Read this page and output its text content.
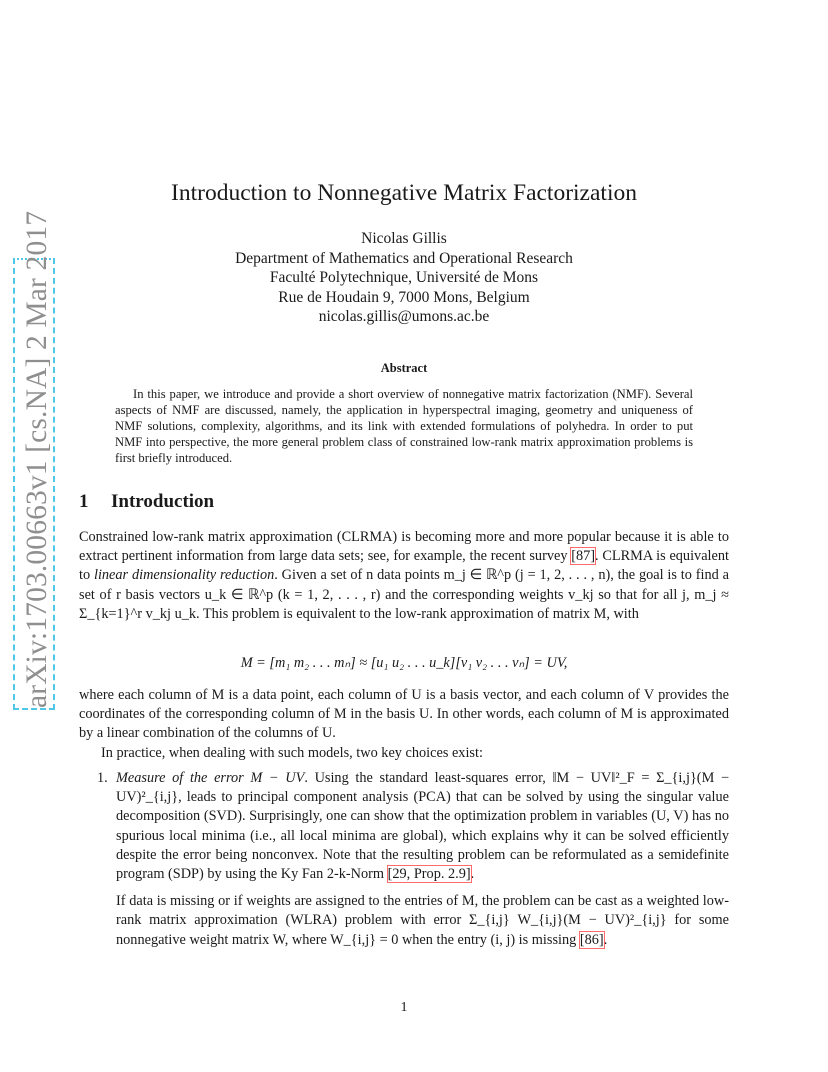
arXiv:1703.00663v1 [cs.NA] 2 Mar 2017
Introduction to Nonnegative Matrix Factorization
Nicolas Gillis
Department of Mathematics and Operational Research
Faculté Polytechnique, Université de Mons
Rue de Houdain 9, 7000 Mons, Belgium
nicolas.gillis@umons.ac.be
Abstract
In this paper, we introduce and provide a short overview of nonnegative matrix factorization (NMF). Several aspects of NMF are discussed, namely, the application in hyperspectral imaging, geometry and uniqueness of NMF solutions, complexity, algorithms, and its link with extended formulations of polyhedra. In order to put NMF into perspective, the more general problem class of constrained low-rank matrix approximation problems is first briefly introduced.
1 Introduction
Constrained low-rank matrix approximation (CLRMA) is becoming more and more popular because it is able to extract pertinent information from large data sets; see, for example, the recent survey [87]. CLRMA is equivalent to linear dimensionality reduction. Given a set of n data points m_j ∈ ℝ^p (j = 1, 2, . . . , n), the goal is to find a set of r basis vectors u_k ∈ ℝ^p (k = 1, 2, . . . , r) and the corresponding weights v_kj so that for all j, m_j ≈ Σ_{k=1}^r v_kj u_k. This problem is equivalent to the low-rank approximation of matrix M, with
M = [m₁ m₂ . . . mₙ] ≈ [u₁ u₂ . . . u_k][v₁ v₂ . . . vₙ] = UV,
where each column of M is a data point, each column of U is a basis vector, and each column of V provides the coordinates of the corresponding column of M in the basis U. In other words, each column of M is approximated by a linear combination of the columns of U.
In practice, when dealing with such models, two key choices exist:
1. Measure of the error M − UV. Using the standard least-squares error, ‖M − UV‖²_F = Σ_{i,j}(M − UV)²_{i,j}, leads to principal component analysis (PCA) that can be solved by using the singular value decomposition (SVD). Surprisingly, one can show that the optimization problem in variables (U, V) has no spurious local minima (i.e., all local minima are global), which explains why it can be solved efficiently despite the error being nonconvex. Note that the resulting problem can be reformulated as a semidefinite program (SDP) by using the Ky Fan 2-k-Norm [29, Prop. 2.9].
If data is missing or if weights are assigned to the entries of M, the problem can be cast as a weighted low-rank matrix approximation (WLRA) problem with error Σ_{i,j} W_{i,j}(M − UV)²_{i,j} for some nonnegative weight matrix W, where W_{i,j} = 0 when the entry (i, j) is missing [86].
1
